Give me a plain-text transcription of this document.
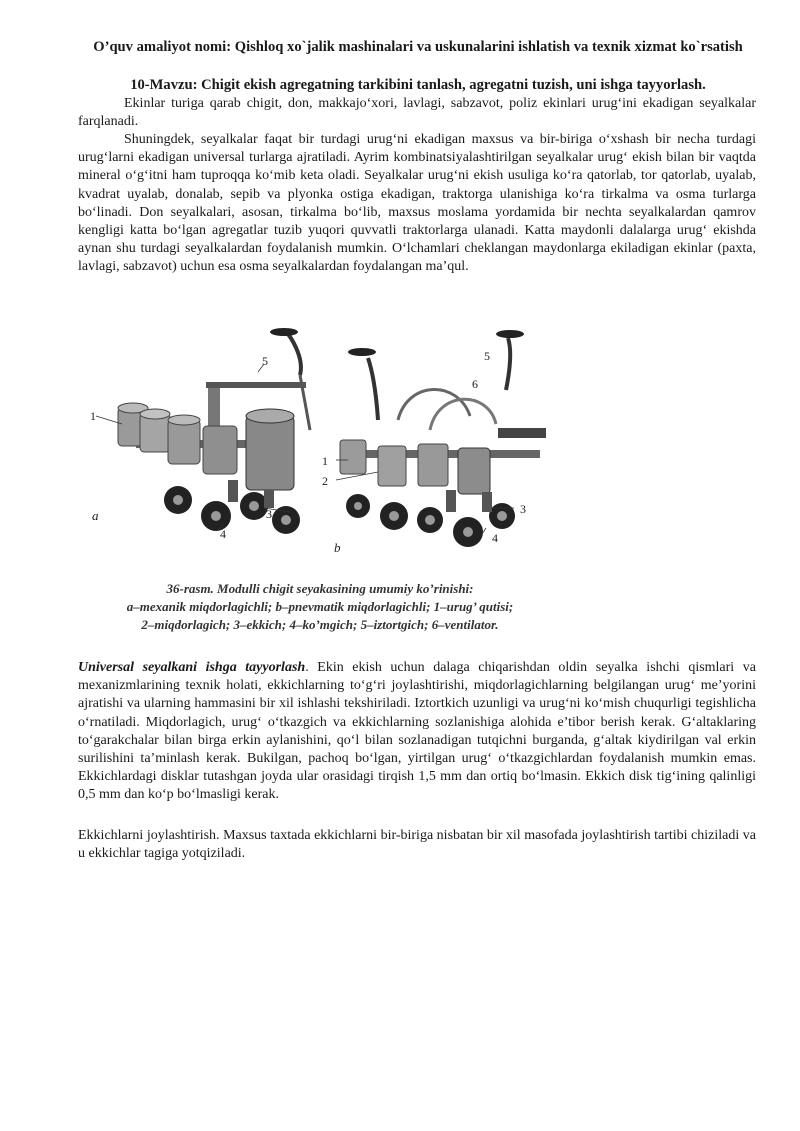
O’quv amaliyot nomi: Qishloq xo`jalik mashinalari va uskunalarini ishlatish va texnik xizmat ko`rsatish

10-Mavzu: Chigit ekish agregatning tarkibini tanlash, agregatni tuzish, uni ishga tayyorlash.

Ekinlar turiga qarab chigit, don, makkajo‘xori, lavlagi, sabzavot, poliz ekinlari urug‘ini ekadigan seyalkalar farqlanadi.

Shuningdek, seyalkalar faqat bir turdagi urug‘ni ekadigan maxsus va bir-biriga o‘xshash bir necha turdagi urug‘larni ekadigan universal turlarga ajratiladi. Ayrim kombinatsiyalashtirilgan seyalkalar urug‘ ekish bilan bir vaqtda mineral o‘g‘itni ham tuproqqa ko‘mib keta oladi. Seyalkalar urug‘ni ekish usuliga ko‘ra qatorlab, tor qatorlab, uyalab, kvadrat uyalab, donalab, sepib va plyonka ostiga ekadigan, traktorga ulanishiga ko‘ra tirkalma va osma turlarga bo‘linadi. Don seyalkalari, asosan, tirkalma bo‘lib, maxsus moslama yordamida bir nechta seyalkalardan qamrov kengligi katta bo‘lgan agregatlar tuzib yuqori quvvatli traktorlarga ulanadi. Katta maydonli dalalarga urug‘ ekishda aynan shu turdagi seyalkalardan foydalanish mumkin. O‘lchamlari cheklangan maydonlarga ekiladigan ekinlar (paxta, lavlagi, sabzavot) uchun esa osma seyalkalardan foydalangan ma’qul.

1
5
3
4
a
5
6
1
2
3
4
b

36-rasm. Modulli chigit seyakasining umumiy ko’rinishi:

a–mexanik miqdorlagichli; b–pnevmatik miqdorlagichli; 1–urug’ qutisi;

2–miqdorlagich; 3–ekkich; 4–ko’mgich; 5–iztortgich; 6–ventilator.

Universal seyalkani ishga tayyorlash. Ekin ekish uchun dalaga chiqarishdan oldin seyalka ishchi qismlari va mexanizmlarining texnik holati, ekkichlarning to‘g‘ri joylashtirishi, miqdorlagichlarning belgilangan urug‘ me’yorini ajratishi va ularning hammasini bir xil ishlashi tekshiriladi. Iztortkich uzunligi va urug‘ni ko‘mish chuqurligi tegishlicha o‘rnatiladi. Miqdorlagich, urug‘ o‘tkazgich va ekkichlarning sozlanishiga alohida e’tibor berish kerak. G‘altaklaring to‘garakchalar bilan birga erkin aylanishini, qo‘l bilan sozlanadigan tutqichni burganda, g‘altak kiydirilgan val erkin surilishini ta’minlash kerak. Bukilgan, pachoq bo‘lgan, yirtilgan urug‘ o‘tkazgichlardan foydalanish mumkin emas. Ekkichlardagi disklar tutashgan joyda ular orasidagi tirqish 1,5 mm dan ortiq bo‘lmasin. Ekkich disk tig‘ining qalinligi 0,5 mm dan ko‘p bo‘lmasligi kerak.

Ekkichlarni joylashtirish. Maxsus taxtada ekkichlarni bir-biriga nisbatan bir xil masofada joylashtirish tartibi chiziladi va u ekkichlar tagiga yotqiziladi.
